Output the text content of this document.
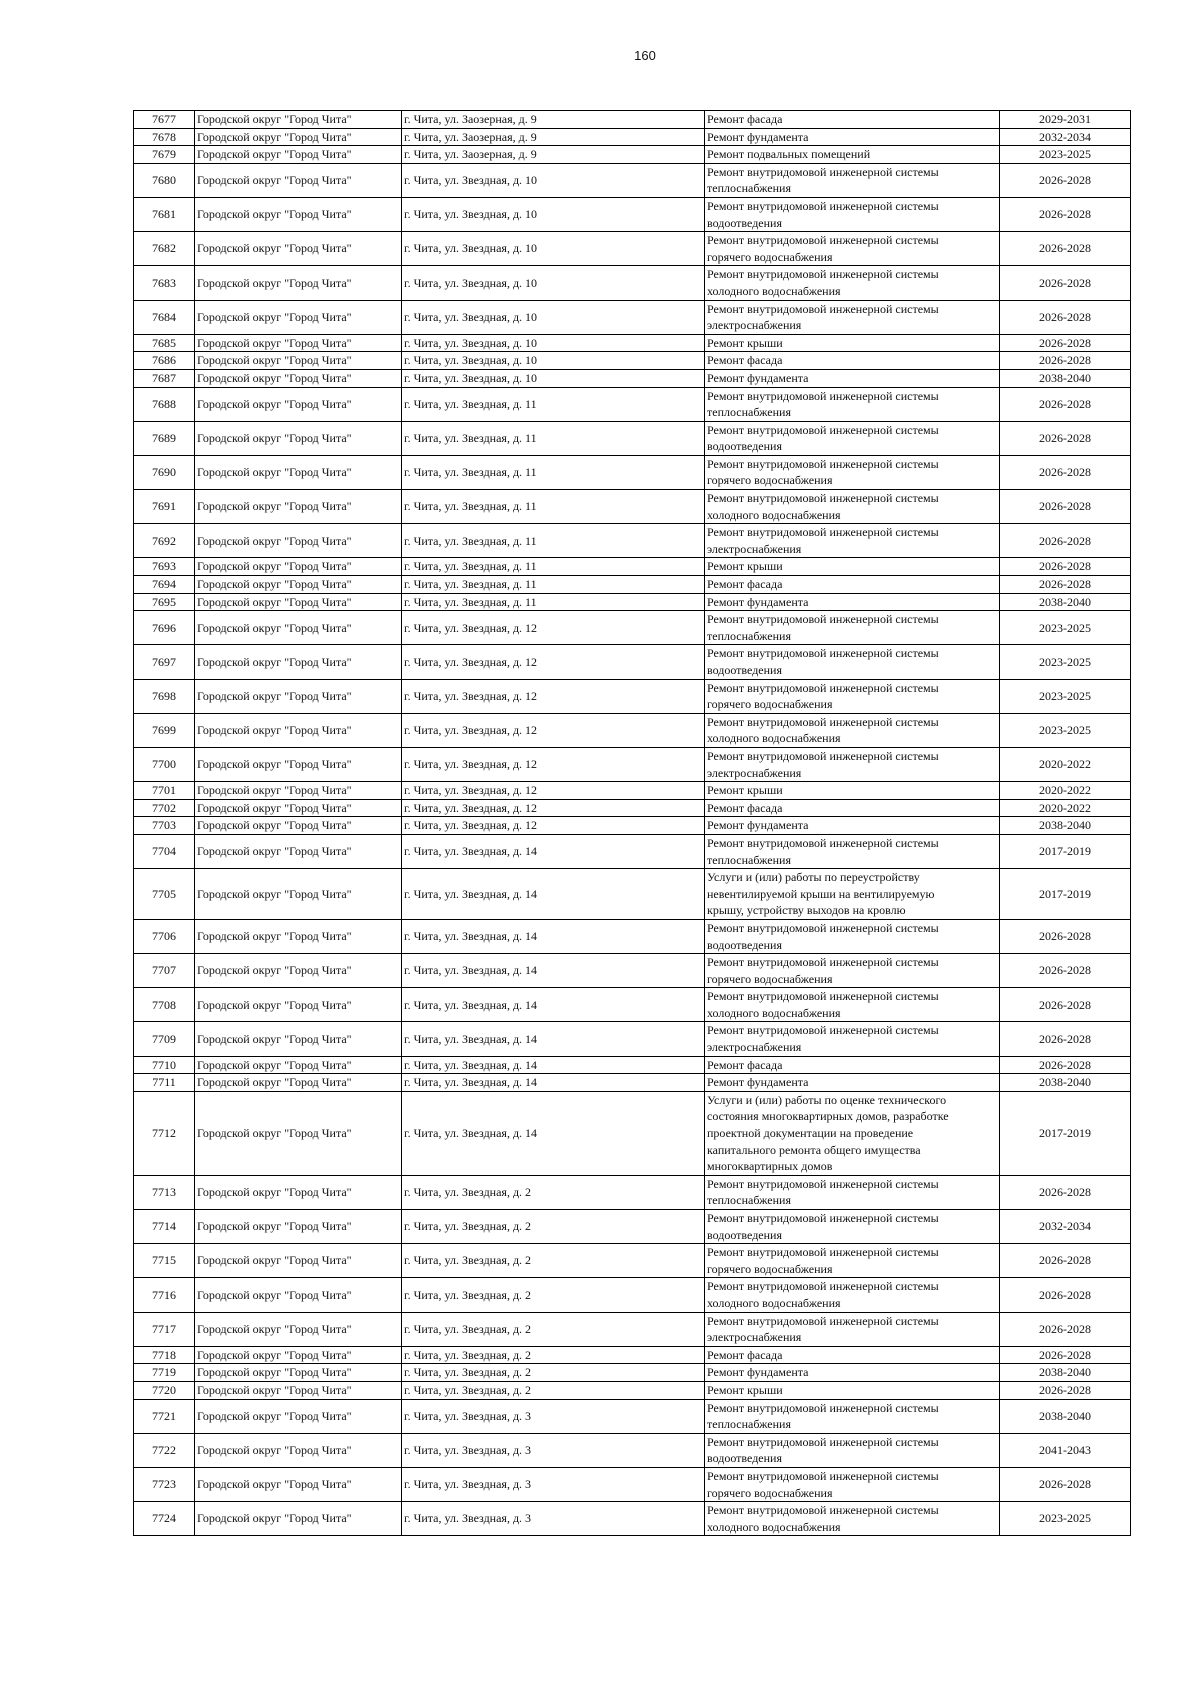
160
7677	Городской округ "Город Чита"	г. Чита, ул. Заозерная, д. 9	Ремонт фасада	2029-2031
7678	Городской округ "Город Чита"	г. Чита, ул. Заозерная, д. 9	Ремонт фундамента	2032-2034
7679	Городской округ "Город Чита"	г. Чита, ул. Заозерная, д. 9	Ремонт подвальных помещений	2023-2025
7680	Городской округ "Город Чита"	г. Чита, ул. Звездная, д. 10	Ремонт внутридомовой инженерной системы
теплоснабжения	2026-2028
7681	Городской округ "Город Чита"	г. Чита, ул. Звездная, д. 10	Ремонт внутридомовой инженерной системы
водоотведения	2026-2028
7682	Городской округ "Город Чита"	г. Чита, ул. Звездная, д. 10	Ремонт внутридомовой инженерной системы
горячего водоснабжения	2026-2028
7683	Городской округ "Город Чита"	г. Чита, ул. Звездная, д. 10	Ремонт внутридомовой инженерной системы
холодного водоснабжения	2026-2028
7684	Городской округ "Город Чита"	г. Чита, ул. Звездная, д. 10	Ремонт внутридомовой инженерной системы
электроснабжения	2026-2028
7685	Городской округ "Город Чита"	г. Чита, ул. Звездная, д. 10	Ремонт крыши	2026-2028
7686	Городской округ "Город Чита"	г. Чита, ул. Звездная, д. 10	Ремонт фасада	2026-2028
7687	Городской округ "Город Чита"	г. Чита, ул. Звездная, д. 10	Ремонт фундамента	2038-2040
7688	Городской округ "Город Чита"	г. Чита, ул. Звездная, д. 11	Ремонт внутридомовой инженерной системы
теплоснабжения	2026-2028
7689	Городской округ "Город Чита"	г. Чита, ул. Звездная, д. 11	Ремонт внутридомовой инженерной системы
водоотведения	2026-2028
7690	Городской округ "Город Чита"	г. Чита, ул. Звездная, д. 11	Ремонт внутридомовой инженерной системы
горячего водоснабжения	2026-2028
7691	Городской округ "Город Чита"	г. Чита, ул. Звездная, д. 11	Ремонт внутридомовой инженерной системы
холодного водоснабжения	2026-2028
7692	Городской округ "Город Чита"	г. Чита, ул. Звездная, д. 11	Ремонт внутридомовой инженерной системы
электроснабжения	2026-2028
7693	Городской округ "Город Чита"	г. Чита, ул. Звездная, д. 11	Ремонт крыши	2026-2028
7694	Городской округ "Город Чита"	г. Чита, ул. Звездная, д. 11	Ремонт фасада	2026-2028
7695	Городской округ "Город Чита"	г. Чита, ул. Звездная, д. 11	Ремонт фундамента	2038-2040
7696	Городской округ "Город Чита"	г. Чита, ул. Звездная, д. 12	Ремонт внутридомовой инженерной системы
теплоснабжения	2023-2025
7697	Городской округ "Город Чита"	г. Чита, ул. Звездная, д. 12	Ремонт внутридомовой инженерной системы
водоотведения	2023-2025
7698	Городской округ "Город Чита"	г. Чита, ул. Звездная, д. 12	Ремонт внутридомовой инженерной системы
горячего водоснабжения	2023-2025
7699	Городской округ "Город Чита"	г. Чита, ул. Звездная, д. 12	Ремонт внутридомовой инженерной системы
холодного водоснабжения	2023-2025
7700	Городской округ "Город Чита"	г. Чита, ул. Звездная, д. 12	Ремонт внутридомовой инженерной системы
электроснабжения	2020-2022
7701	Городской округ "Город Чита"	г. Чита, ул. Звездная, д. 12	Ремонт крыши	2020-2022
7702	Городской округ "Город Чита"	г. Чита, ул. Звездная, д. 12	Ремонт фасада	2020-2022
7703	Городской округ "Город Чита"	г. Чита, ул. Звездная, д. 12	Ремонт фундамента	2038-2040
7704	Городской округ "Город Чита"	г. Чита, ул. Звездная, д. 14	Ремонт внутридомовой инженерной системы
теплоснабжения	2017-2019
7705	Городской округ "Город Чита"	г. Чита, ул. Звездная, д. 14	Услуги и (или) работы по переустройству
невентилируемой крыши на вентилируемую
крышу, устройству выходов на кровлю	2017-2019
7706	Городской округ "Город Чита"	г. Чита, ул. Звездная, д. 14	Ремонт внутридомовой инженерной системы
водоотведения	2026-2028
7707	Городской округ "Город Чита"	г. Чита, ул. Звездная, д. 14	Ремонт внутридомовой инженерной системы
горячего водоснабжения	2026-2028
7708	Городской округ "Город Чита"	г. Чита, ул. Звездная, д. 14	Ремонт внутридомовой инженерной системы
холодного водоснабжения	2026-2028
7709	Городской округ "Город Чита"	г. Чита, ул. Звездная, д. 14	Ремонт внутридомовой инженерной системы
электроснабжения	2026-2028
7710	Городской округ "Город Чита"	г. Чита, ул. Звездная, д. 14	Ремонт фасада	2026-2028
7711	Городской округ "Город Чита"	г. Чита, ул. Звездная, д. 14	Ремонт фундамента	2038-2040
7712	Городской округ "Город Чита"	г. Чита, ул. Звездная, д. 14	Услуги и (или) работы по оценке технического
состояния многоквартирных домов, разработке
проектной документации на проведение
капитального ремонта общего имущества
многоквартирных домов	2017-2019
7713	Городской округ "Город Чита"	г. Чита, ул. Звездная, д. 2	Ремонт внутридомовой инженерной системы
теплоснабжения	2026-2028
7714	Городской округ "Город Чита"	г. Чита, ул. Звездная, д. 2	Ремонт внутридомовой инженерной системы
водоотведения	2032-2034
7715	Городской округ "Город Чита"	г. Чита, ул. Звездная, д. 2	Ремонт внутридомовой инженерной системы
горячего водоснабжения	2026-2028
7716	Городской округ "Город Чита"	г. Чита, ул. Звездная, д. 2	Ремонт внутридомовой инженерной системы
холодного водоснабжения	2026-2028
7717	Городской округ "Город Чита"	г. Чита, ул. Звездная, д. 2	Ремонт внутридомовой инженерной системы
электроснабжения	2026-2028
7718	Городской округ "Город Чита"	г. Чита, ул. Звездная, д. 2	Ремонт фасада	2026-2028
7719	Городской округ "Город Чита"	г. Чита, ул. Звездная, д. 2	Ремонт фундамента	2038-2040
7720	Городской округ "Город Чита"	г. Чита, ул. Звездная, д. 2	Ремонт крыши	2026-2028
7721	Городской округ "Город Чита"	г. Чита, ул. Звездная, д. 3	Ремонт внутридомовой инженерной системы
теплоснабжения	2038-2040
7722	Городской округ "Город Чита"	г. Чита, ул. Звездная, д. 3	Ремонт внутридомовой инженерной системы
водоотведения	2041-2043
7723	Городской округ "Город Чита"	г. Чита, ул. Звездная, д. 3	Ремонт внутридомовой инженерной системы
горячего водоснабжения	2026-2028
7724	Городской округ "Город Чита"	г. Чита, ул. Звездная, д. 3	Ремонт внутридомовой инженерной системы
холодного водоснабжения	2023-2025
